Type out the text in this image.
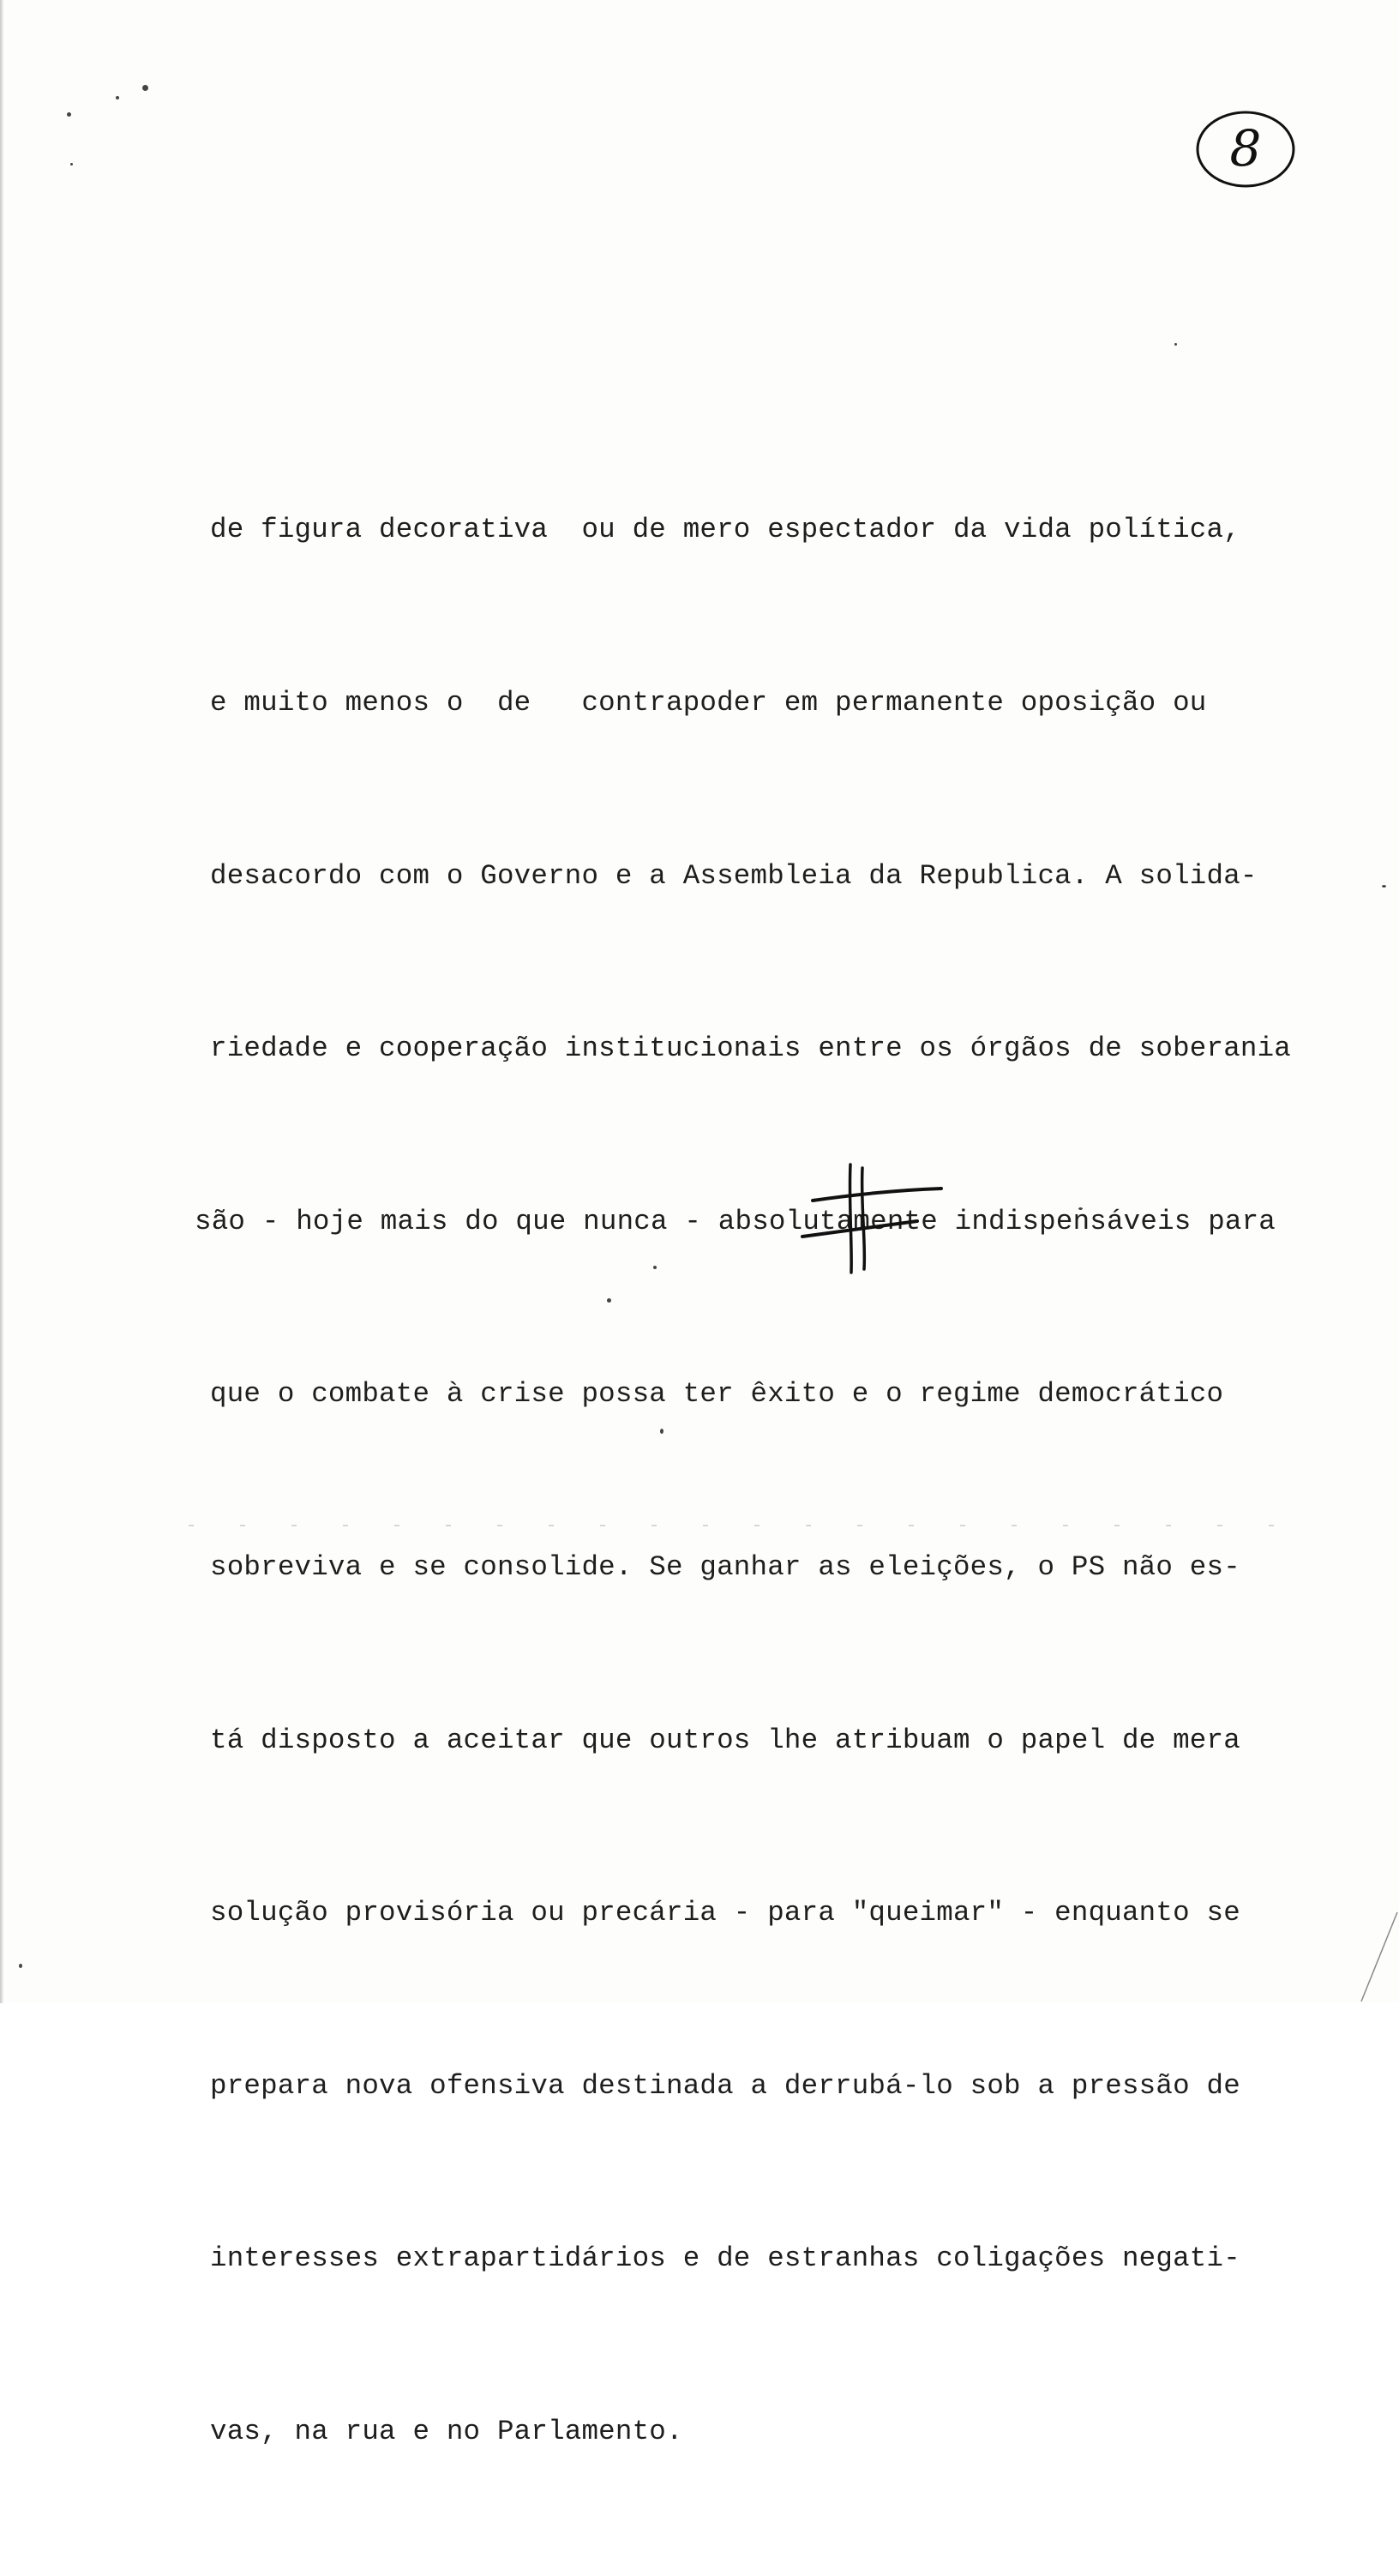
8

de figura decorativa  ou de mero espectador da vida política,

e muito menos o  de   contrapoder em permanente oposição ou

desacordo com o Governo e a Assembleia da Republica. A solida-

riedade e cooperação institucionais entre os órgãos de soberania

são - hoje mais do que nunca - absolutamente indispensáveis para

que o combate à crise possa ter êxito e o regime democrático

sobreviva e se consolide. Se ganhar as eleições, o PS não es-

tá disposto a aceitar que outros lhe atribuam o papel de mera

solução provisória ou precária - para "queimar" - enquanto se

prepara nova ofensiva destinada a derrubá-lo sob a pressão de

interesses extrapartidários e de estranhas coligações negati-

vas, na rua e no Parlamento.
